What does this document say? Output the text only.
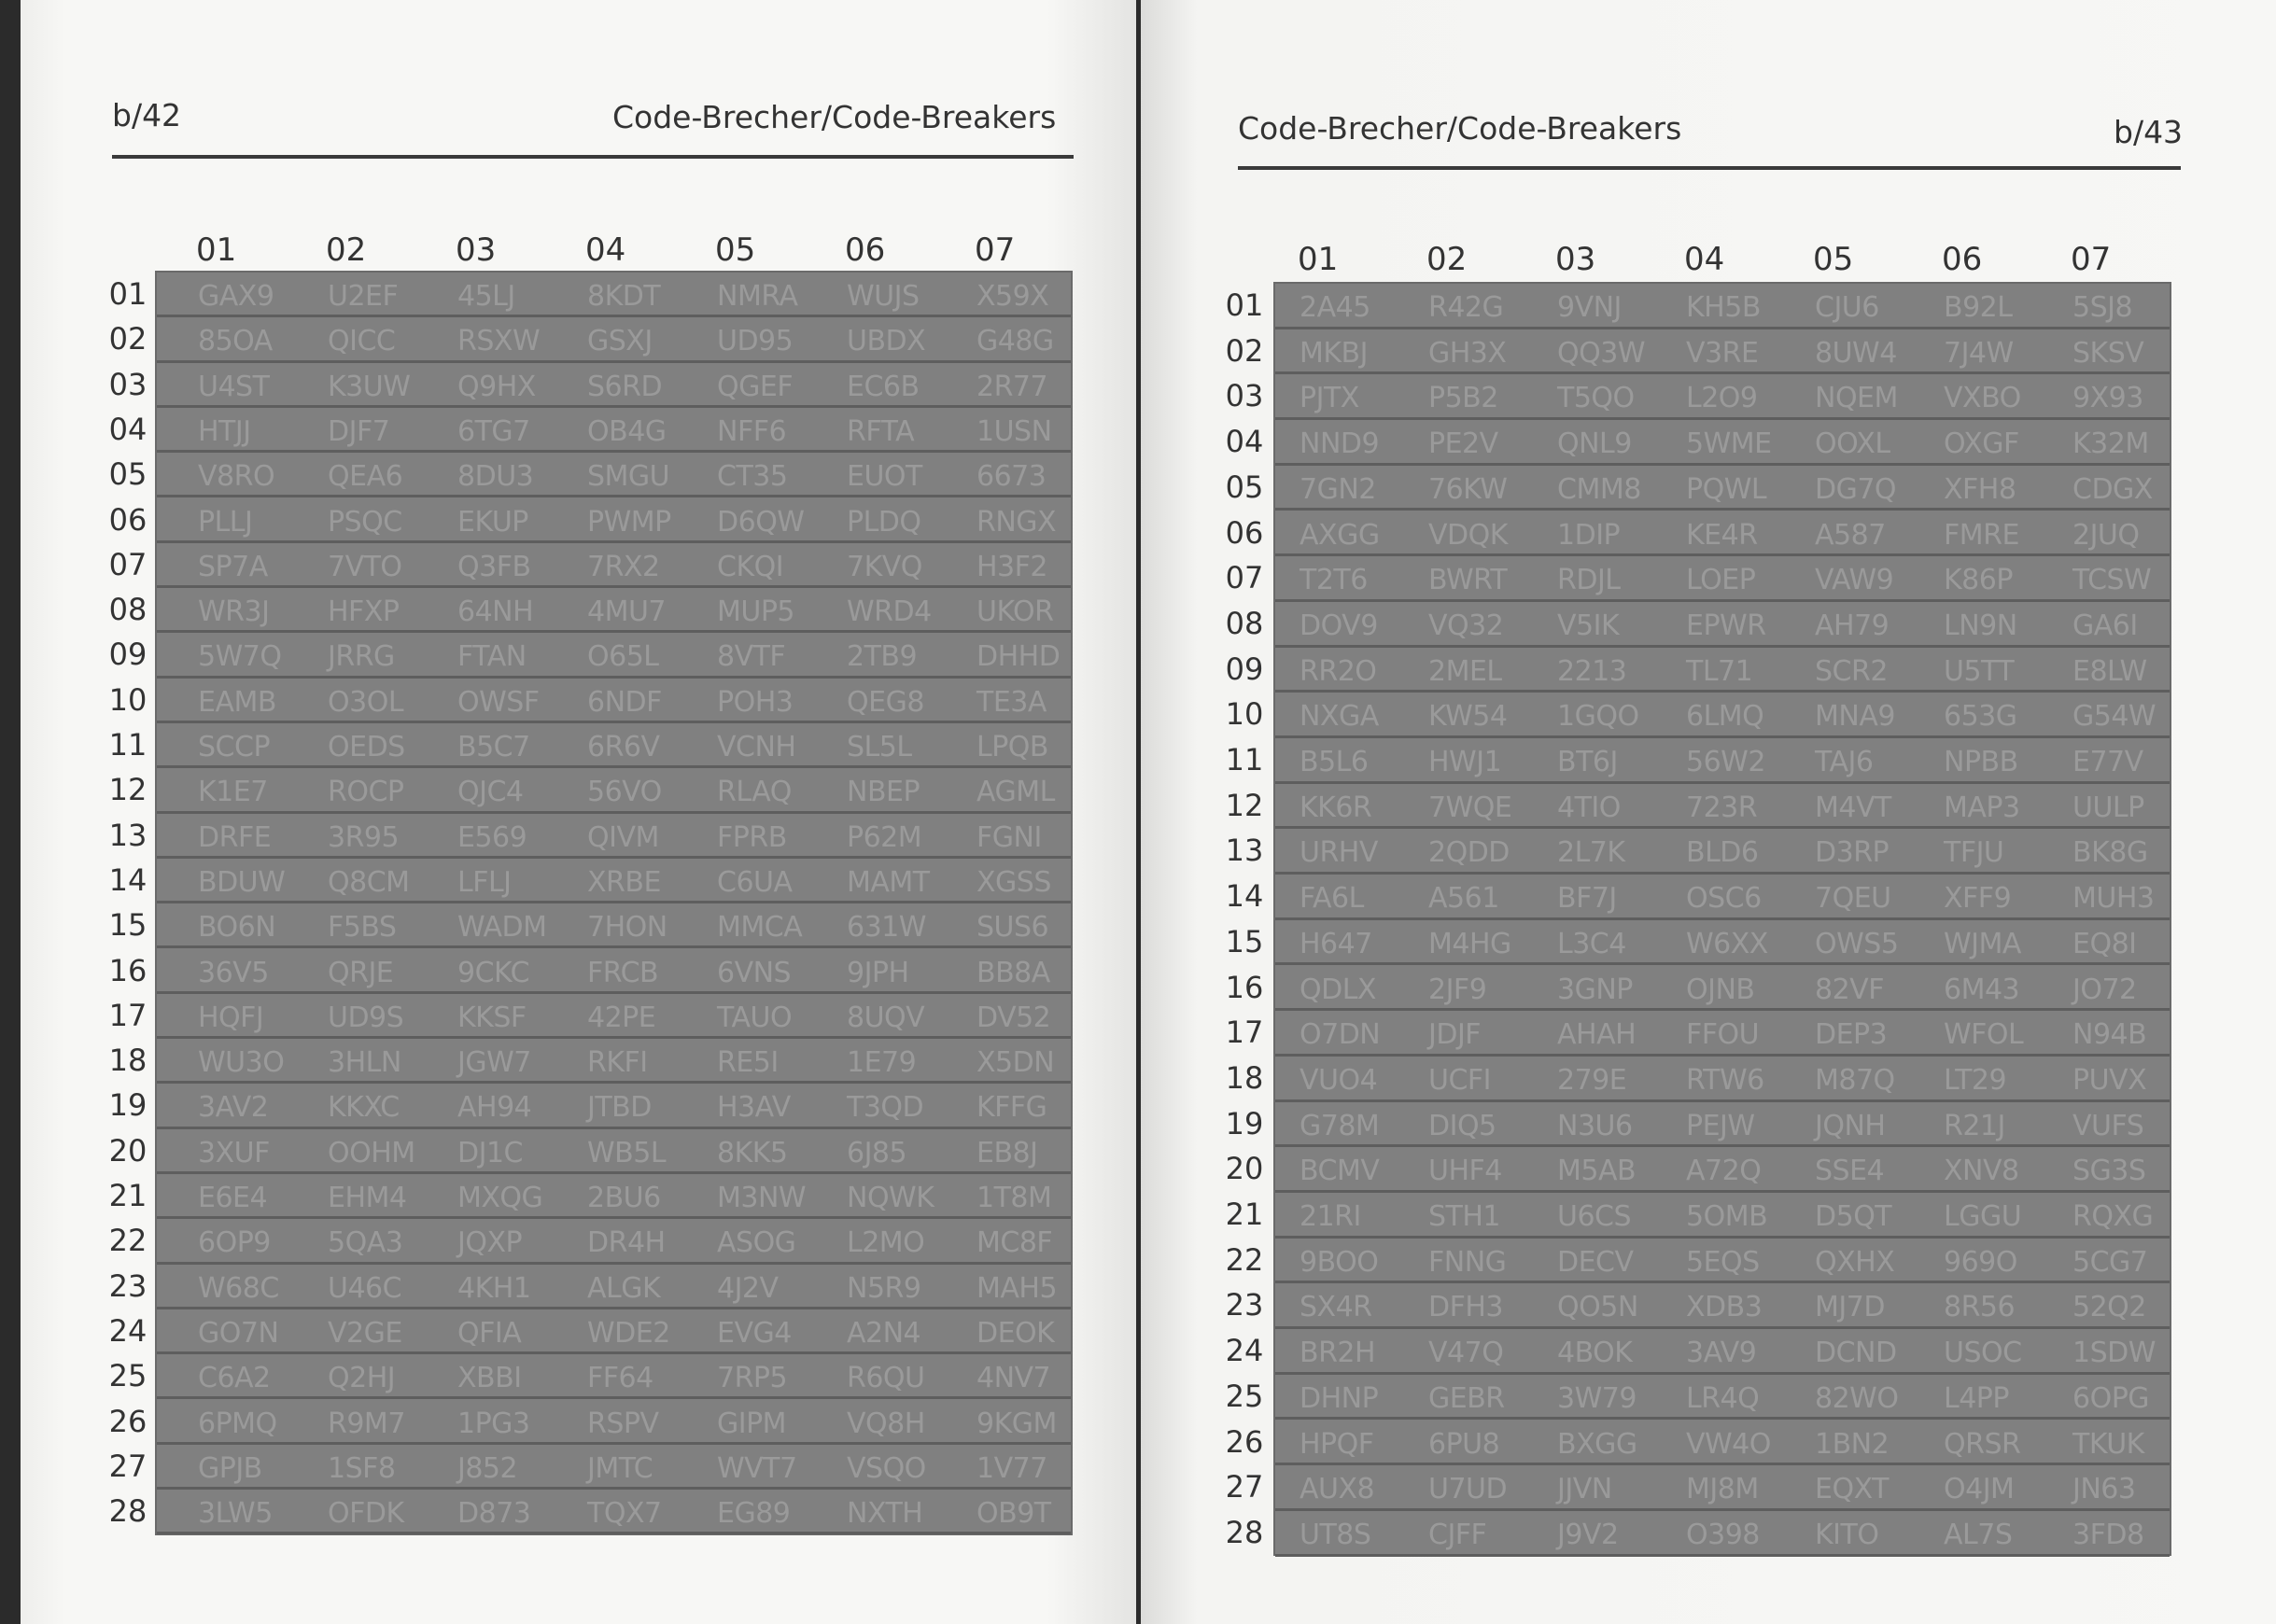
b/42	Code-Brecher/Code-Breakers
01	02	03	04	05	06	07
01
02
03
04
05
06
07
08
09
10
11
12
13
14
15
16
17
18
19
20
21
22
23
24
25
26
27
28
GAX9 U2EF 45LJ	8KDT NMRA WUJS X59X
85OA QICC RSXW GSXJ UD95 UBDX G48G
U4ST K3UW Q9HX S6RD QGEF EC6B 2R77
HTJJ	DJF7 6TG7 OB4G NFF6 RFTA 1USN
V8RO QEA6 8DU3 SMGU CT35 EUOT 6673
PLLJ	PSQC EKUP PWMP D6QW PLDQ RNGX
SP7A 7VTO Q3FB 7RX2 CKQI 7KVQ H3F2
WR3J HFXP 64NH 4MU7 MUP5 WRD4 UKOR
5W7Q JRRG FTAN O65L 8VTF 2TB9 DHHD
EAMB O3OL OWSF 6NDF POH3 QEG8 TE3A
SCCP OEDS B5C7 6R6V VCNH SL5L LPQB
K1E7 ROCP QJC4 56VO RLAQ NBEP AGML
DRFE 3R95 E569 QIVM FPRB P62M FGNI
BDUW Q8CM LFLJ	XRBE C6UA MAMT XGSS
BO6N F5BS WADM 7HON MMCA 631W SUS6
36V5 QRJE 9CKC FRCB 6VNS 9JPH BB8A
HQFJ UD9S KKSF 42PE TAUO 8UQV DV52
WU3O 3HLN JGW7 RKFI RE5I 1E79 X5DN
3AV2 KKXC AH94 JTBD H3AV T3QD KFFG
3XUF OOHM DJ1C WB5L 8KK5 6J85 EB8J
E6E4 EHM4 MXQG 2BU6 M3NW NQWK 1T8M
6OP9 5QA3 JQXP DR4H ASOG L2MO MC8F
W68C U46C 4KH1 ALGK 4J2V N5R9 MAH5
GO7N V2GE QFIA WDE2 EVG4 A2N4 DEOK
C6A2 Q2HJ XBBI FF64 7RP5 R6QU 4NV7
6PMQ R9M7 1PG3 RSPV GIPM VQ8H 9KGM
GPJB 1SF8 J852 JMTC WVT7 VSQO 1V77
3LW5 OFDK D873 TQX7 EG89 NXTH OB9T
Code-Brecher/Code-Breakers	b/43
01	02	03	04	05	06	07
01
02
03
04
05
06
07
08
09
10
11
12
13
14
15
16
17
18
19
20
21
22
23
24
25
26
27
28
2A45 R42G 9VNJ KH5B CJU6 B92L 5SJ8
MKBJ GH3X QQ3W V3RE 8UW4 7J4W SKSV
PJTX P5B2 T5QO L2O9 NQEM VXBO 9X93
NND9 PE2V QNL9 5WME OOXL OXGF K32M
7GN2 76KW CMM8 PQWL DG7Q XFH8 CDGX
AXGG VDQK 1DIP KE4R A587 FMRE 2JUQ
T2T6 BWRT RDJL LOEP VAW9 K86P TCSW
DOV9 VQ32 V5IK EPWR AH79 LN9N GA6I
RR2O 2MEL 2213 TL71 SCR2 U5TT E8LW
NXGA KW54 1GQO 6LMQ MNA9 653G G54W
B5L6 HWJ1 BT6J 56W2 TAJ6	NPBB E77V
KK6R 7WQE 4TIO 723R M4VT MAP3 UULP
URHV 2QDD 2L7K BLD6 D3RP TFJU BK8G
FA6L A561 BF7J OSC6 7QEU XFF9 MUH3
H647 M4HG L3C4 W6XX OWS5 WJMA EQ8I
QDLX 2JF9	3GNP OJNB 82VF 6M43 JO72
O7DN JDJF	AHAH FFOU DEP3 WFOL N94B
VUO4 UCFI 279E RTW6 M87Q LT29 PUVX
G78M DIQ5 N3U6 PEJW JQNH R21J VUFS
BCMV UHF4 M5AB A72Q SSE4 XNV8 SG3S
21RI STH1 U6CS 5OMB D5QT LGGU RQXG
9BOO FNNG DECV 5EQS QXHX 969O 5CG7
SX4R DFH3 QO5N XDB3 MJ7D 8R56 52Q2
BR2H V47Q 4BOK 3AV9 DCND USOC 1SDW
DHNP GEBR 3W79 LR4Q 82WO L4PP 6OPG
HPQF 6PU8 BXGG VW4O 1BN2 QRSR TKUK
AUX8 U7UD JJVN	MJ8M EQXT O4JM JN63
UT8S CJFF	J9V2 O398 KITO AL7S 3FD8
